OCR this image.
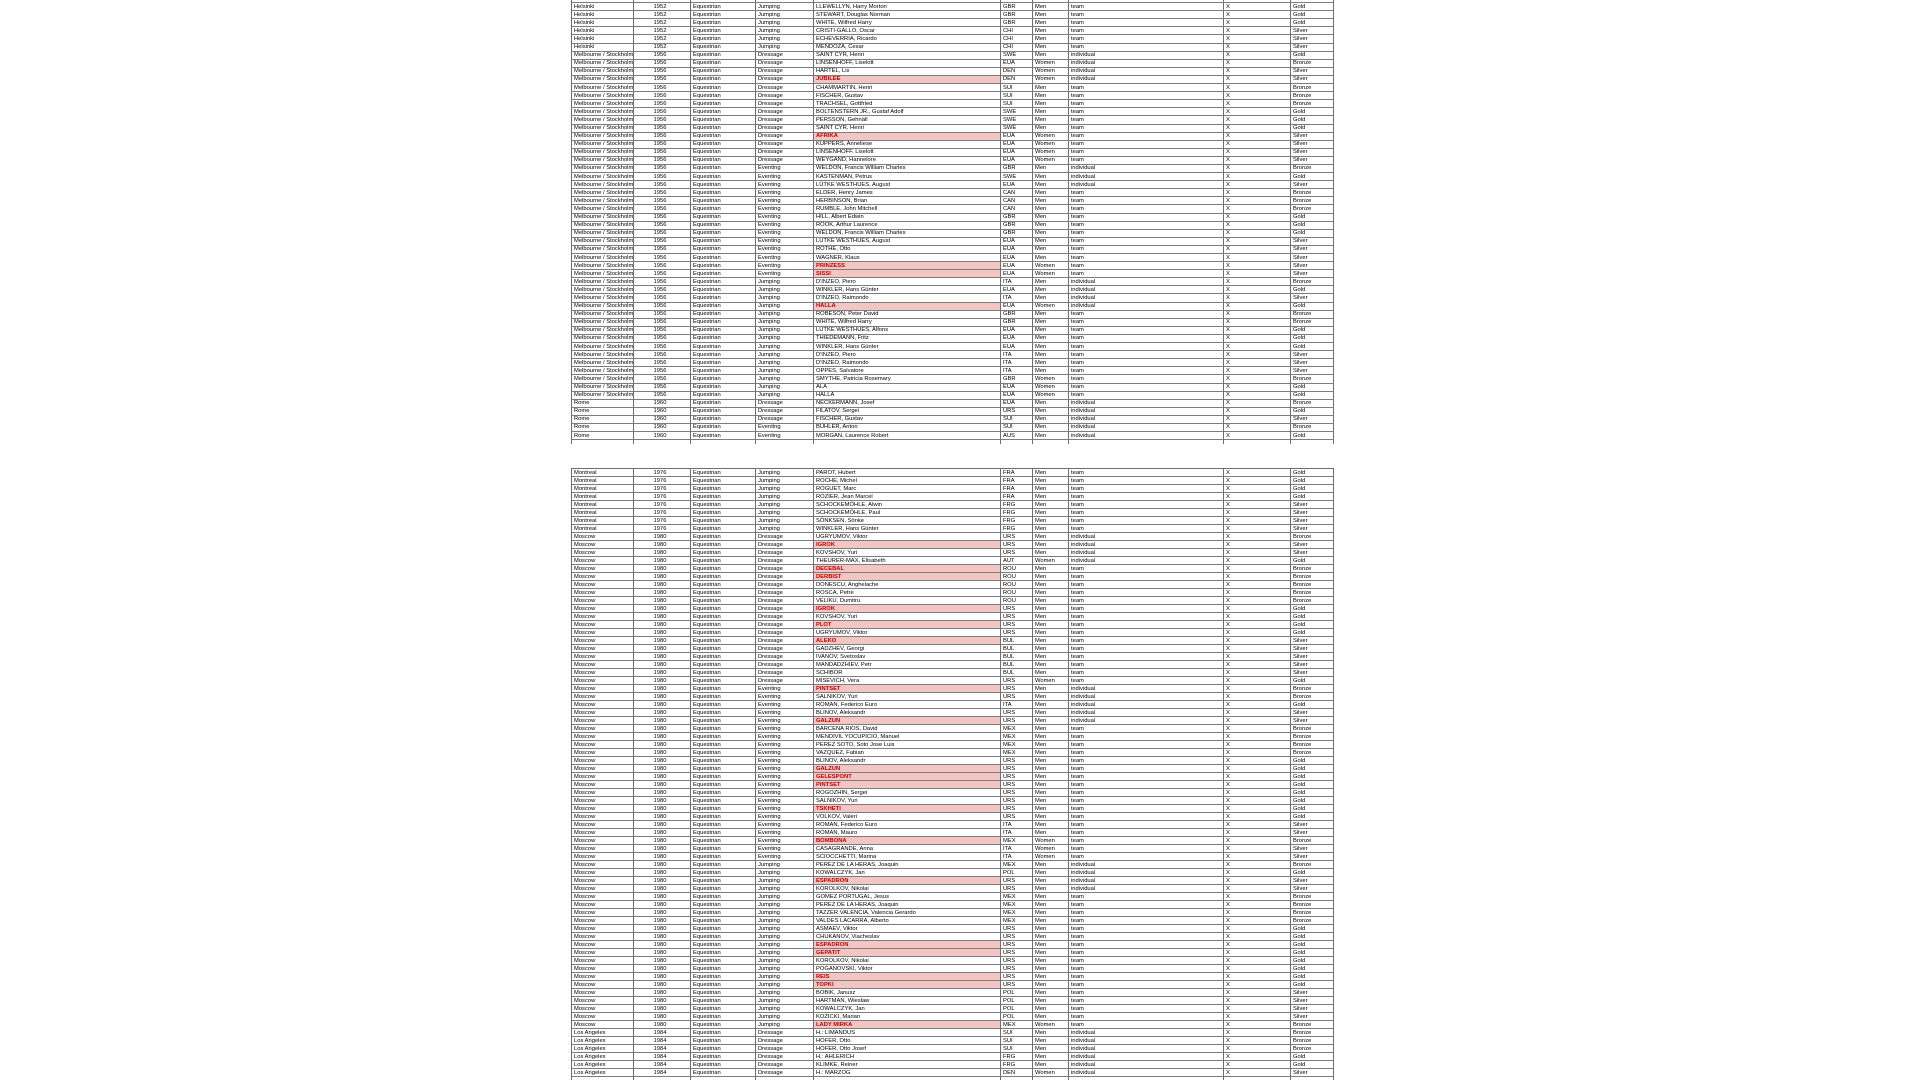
Helsinki	1952	Equestrian	Jumping	LLEWELLYN, Harry Morton	GBR	Men	team	X	Gold
Helsinki	1952	Equestrian	Jumping	STEWART, Douglas Norman	GBR	Men	team	X	Gold
Helsinki	1952	Equestrian	Jumping	WHITE, Wilfred Harry	GBR	Men	team	X	Gold
Helsinki	1952	Equestrian	Jumping	CRISTI-GALLO, Oscar	CHI	Men	team	X	Silver
Helsinki	1952	Equestrian	Jumping	ECHEVERRIA, Ricardo	CHI	Men	team	X	Silver
Helsinki	1952	Equestrian	Jumping	MENDOZA, Cesar	CHI	Men	team	X	Silver
Melbourne / Stockholm	1956	Equestrian	Dressage	SAINT CYR, Henri	SWE	Men	individual	X	Gold
Melbourne / Stockholm	1956	Equestrian	Dressage	LINSENHOFF, Liselott	EUA	Women	individual	X	Bronze
Melbourne / Stockholm	1956	Equestrian	Dressage	HARTEL, Lis	DEN	Women	individual	X	Silver
Melbourne / Stockholm	1956	Equestrian	Dressage	JUBILEE	DEN	Women	individual	X	Silver
Melbourne / Stockholm	1956	Equestrian	Dressage	CHAMMARTIN, Henri	SUI	Men	team	X	Bronze
Melbourne / Stockholm	1956	Equestrian	Dressage	FISCHER, Gustav	SUI	Men	team	X	Bronze
Melbourne / Stockholm	1956	Equestrian	Dressage	TRACHSEL, Gottfried	SUI	Men	team	X	Bronze
Melbourne / Stockholm	1956	Equestrian	Dressage	BOLTENSTERN JR., Gustaf Adolf	SWE	Men	team	X	Gold
Melbourne / Stockholm	1956	Equestrian	Dressage	PERSSON, Gehnäll	SWE	Men	team	X	Gold
Melbourne / Stockholm	1956	Equestrian	Dressage	SAINT CYR, Henri	SWE	Men	team	X	Gold
Melbourne / Stockholm	1956	Equestrian	Dressage	AFRIKA	EUA	Women	team	X	Silver
Melbourne / Stockholm	1956	Equestrian	Dressage	KÜPPERS, Anneliese	EUA	Women	team	X	Silver
Melbourne / Stockholm	1956	Equestrian	Dressage	LINSENHOFF, Liselott	EUA	Women	team	X	Silver
Melbourne / Stockholm	1956	Equestrian	Dressage	WEYGAND, Hannelore	EUA	Women	team	X	Silver
Melbourne / Stockholm	1956	Equestrian	Eventing	WELDON, Francis William Charles	GBR	Men	individual	X	Bronze
Melbourne / Stockholm	1956	Equestrian	Eventing	KASTENMAN, Petrus	SWE	Men	individual	X	Gold
Melbourne / Stockholm	1956	Equestrian	Eventing	LÜTKE WESTHUES, August	EUA	Men	individual	X	Silver
Melbourne / Stockholm	1956	Equestrian	Eventing	ELDER, Henry James	CAN	Men	team	X	Bronze
Melbourne / Stockholm	1956	Equestrian	Eventing	HERBINSON, Brian	CAN	Men	team	X	Bronze
Melbourne / Stockholm	1956	Equestrian	Eventing	RUMBLE, John Mitchell	CAN	Men	team	X	Bronze
Melbourne / Stockholm	1956	Equestrian	Eventing	HILL, Albert Edwin	GBR	Men	team	X	Gold
Melbourne / Stockholm	1956	Equestrian	Eventing	ROOK, Arthur Laurence	GBR	Men	team	X	Gold
Melbourne / Stockholm	1956	Equestrian	Eventing	WELDON, Francis William Charles	GBR	Men	team	X	Gold
Melbourne / Stockholm	1956	Equestrian	Eventing	LÜTKE WESTHUES, August	EUA	Men	team	X	Silver
Melbourne / Stockholm	1956	Equestrian	Eventing	ROTHE, Otto	EUA	Men	team	X	Silver
Melbourne / Stockholm	1956	Equestrian	Eventing	WAGNER, Klaus	EUA	Men	team	X	Silver
Melbourne / Stockholm	1956	Equestrian	Eventing	PRINZESS	EUA	Women	team	X	Silver
Melbourne / Stockholm	1956	Equestrian	Eventing	SISSI	EUA	Women	team	X	Silver
Melbourne / Stockholm	1956	Equestrian	Jumping	D'INZEO, Piero	ITA	Men	individual	X	Bronze
Melbourne / Stockholm	1956	Equestrian	Jumping	WINKLER, Hans Günter	EUA	Men	individual	X	Gold
Melbourne / Stockholm	1956	Equestrian	Jumping	D'INZEO, Raimondo	ITA	Men	individual	X	Silver
Melbourne / Stockholm	1956	Equestrian	Jumping	HALLA	EUA	Women	individual	X	Gold
Melbourne / Stockholm	1956	Equestrian	Jumping	ROBESON, Peter David	GBR	Men	team	X	Bronze
Melbourne / Stockholm	1956	Equestrian	Jumping	WHITE, Wilfred Harry	GBR	Men	team	X	Bronze
Melbourne / Stockholm	1956	Equestrian	Jumping	LÜTKE WESTHUES, Alfons	EUA	Men	team	X	Gold
Melbourne / Stockholm	1956	Equestrian	Jumping	THIEDEMANN, Fritz	EUA	Men	team	X	Gold
Melbourne / Stockholm	1956	Equestrian	Jumping	WINKLER, Hans Günter	EUA	Men	team	X	Gold
Melbourne / Stockholm	1956	Equestrian	Jumping	D'INZEO, Piero	ITA	Men	team	X	Silver
Melbourne / Stockholm	1956	Equestrian	Jumping	D'INZEO, Raimondo	ITA	Men	team	X	Silver
Melbourne / Stockholm	1956	Equestrian	Jumping	OPPES, Salvatore	ITA	Men	team	X	Silver
Melbourne / Stockholm	1956	Equestrian	Jumping	SMYTHE, Patricia Rosemary	GBR	Women	team	X	Bronze
Melbourne / Stockholm	1956	Equestrian	Jumping	ALA	EUA	Women	team	X	Gold
Melbourne / Stockholm	1956	Equestrian	Jumping	HALLA	EUA	Women	team	X	Gold
Rome	1960	Equestrian	Dressage	NECKERMANN, Josef	EUA	Men	individual	X	Bronze
Rome	1960	Equestrian	Dressage	FILATOV, Sergei	URS	Men	individual	X	Gold
Rome	1960	Equestrian	Dressage	FISCHER, Gustav	SUI	Men	individual	X	Silver
Rome	1960	Equestrian	Eventing	BÜHLER, Anton	SUI	Men	individual	X	Bronze
Rome	1960	Equestrian	Eventing	MORGAN, Laurence Robert	AUS	Men	individual	X	Gold
Montreal	1976	Equestrian	Jumping	PAROT, Hubert	FRA	Men	team	X	Gold
Montreal	1976	Equestrian	Jumping	ROCHE, Michel	FRA	Men	team	X	Gold
Montreal	1976	Equestrian	Jumping	ROGUET, Marc	FRA	Men	team	X	Gold
Montreal	1976	Equestrian	Jumping	ROZIER, Jean Marcel	FRA	Men	team	X	Gold
Montreal	1976	Equestrian	Jumping	SCHOCKEMÖHLE, Alwin	FRG	Men	team	X	Silver
Montreal	1976	Equestrian	Jumping	SCHOCKEMÖHLE, Paul	FRG	Men	team	X	Silver
Montreal	1976	Equestrian	Jumping	SÖNKSEN, Sönke	FRG	Men	team	X	Silver
Montreal	1976	Equestrian	Jumping	WINKLER, Hans Günter	FRG	Men	team	X	Silver
Moscow	1980	Equestrian	Dressage	UGRYUMOV, Viktor	URS	Men	individual	X	Bronze
Moscow	1980	Equestrian	Dressage	IGROK	URS	Men	individual	X	Silver
Moscow	1980	Equestrian	Dressage	KOVSHOV, Yuri	URS	Men	individual	X	Silver
Moscow	1980	Equestrian	Dressage	THEURER-MAX, Elisabeth	AUT	Women	individual	X	Gold
Moscow	1980	Equestrian	Dressage	DECEBAL	ROU	Men	team	X	Bronze
Moscow	1980	Equestrian	Dressage	DERBIST	ROU	Men	team	X	Bronze
Moscow	1980	Equestrian	Dressage	DONESCU, Anghelache	ROU	Men	team	X	Bronze
Moscow	1980	Equestrian	Dressage	ROSCA, Petre	ROU	Men	team	X	Bronze
Moscow	1980	Equestrian	Dressage	VELIKU, Dumitru	ROU	Men	team	X	Bronze
Moscow	1980	Equestrian	Dressage	IGROK	URS	Men	team	X	Gold
Moscow	1980	Equestrian	Dressage	KOVSHOV, Yuri	URS	Men	team	X	Gold
Moscow	1980	Equestrian	Dressage	PLOT	URS	Men	team	X	Gold
Moscow	1980	Equestrian	Dressage	UGRYUMOV, Viktor	URS	Men	team	X	Gold
Moscow	1980	Equestrian	Dressage	ALEKO	BUL	Men	team	X	Silver
Moscow	1980	Equestrian	Dressage	GADZHEV, Georgi	BUL	Men	team	X	Silver
Moscow	1980	Equestrian	Dressage	IVANOV, Svetoslav	BUL	Men	team	X	Silver
Moscow	1980	Equestrian	Dressage	MANDADZHIEV, Petr	BUL	Men	team	X	Silver
Moscow	1980	Equestrian	Dressage	SCHIBOR	BUL	Men	team	X	Silver
Moscow	1980	Equestrian	Dressage	MISEVICH, Vera	URS	Women	team	X	Gold
Moscow	1980	Equestrian	Eventing	PINTSET	URS	Men	individual	X	Bronze
Moscow	1980	Equestrian	Eventing	SALNIKOV, Yuri	URS	Men	individual	X	Bronze
Moscow	1980	Equestrian	Eventing	ROMAN, Federico Euro	ITA	Men	individual	X	Gold
Moscow	1980	Equestrian	Eventing	BLINOV, Aleksandr	URS	Men	individual	X	Silver
Moscow	1980	Equestrian	Eventing	GALZUN	URS	Men	individual	X	Silver
Moscow	1980	Equestrian	Eventing	BARCENA RIOS, David	MEX	Men	team	X	Bronze
Moscow	1980	Equestrian	Eventing	MENDIVIL YOCUPICIO, Manuel	MEX	Men	team	X	Bronze
Moscow	1980	Equestrian	Eventing	PEREZ SOTO, Soto Jose Luis	MEX	Men	team	X	Bronze
Moscow	1980	Equestrian	Eventing	VAZQUEZ, Fabian	MEX	Men	team	X	Bronze
Moscow	1980	Equestrian	Eventing	BLINOV, Aleksandr	URS	Men	team	X	Gold
Moscow	1980	Equestrian	Eventing	GALZUN	URS	Men	team	X	Gold
Moscow	1980	Equestrian	Eventing	GELESPONT	URS	Men	team	X	Gold
Moscow	1980	Equestrian	Eventing	PINTSET	URS	Men	team	X	Gold
Moscow	1980	Equestrian	Eventing	ROGOZHIN, Sergei	URS	Men	team	X	Gold
Moscow	1980	Equestrian	Eventing	SALNIKOV, Yuri	URS	Men	team	X	Gold
Moscow	1980	Equestrian	Eventing	TSKHETI	URS	Men	team	X	Gold
Moscow	1980	Equestrian	Eventing	VOLKOV, Valeri	URS	Men	team	X	Gold
Moscow	1980	Equestrian	Eventing	ROMAN, Federico Euro	ITA	Men	team	X	Silver
Moscow	1980	Equestrian	Eventing	ROMAN, Mauro	ITA	Men	team	X	Silver
Moscow	1980	Equestrian	Eventing	BOMBONA	MEX	Women	team	X	Bronze
Moscow	1980	Equestrian	Eventing	CASAGRANDE, Anna	ITA	Women	team	X	Silver
Moscow	1980	Equestrian	Eventing	SCIOCCHETTI, Marina	ITA	Women	team	X	Silver
Moscow	1980	Equestrian	Jumping	PEREZ DE LA HERAS, Joaquin	MEX	Men	individual	X	Bronze
Moscow	1980	Equestrian	Jumping	KOWALCZYK, Jan	POL	Men	individual	X	Gold
Moscow	1980	Equestrian	Jumping	ESPADRON	URS	Men	individual	X	Silver
Moscow	1980	Equestrian	Jumping	KOROLKOV, Nikolai	URS	Men	individual	X	Silver
Moscow	1980	Equestrian	Jumping	GOMEZ PORTUGAL, Jesus	MEX	Men	team	X	Bronze
Moscow	1980	Equestrian	Jumping	PEREZ DE LA HERAS, Joaquin	MEX	Men	team	X	Bronze
Moscow	1980	Equestrian	Jumping	TAZZER VALENCIA, Valencia Gerardo	MEX	Men	team	X	Bronze
Moscow	1980	Equestrian	Jumping	VALDES LACARRA, Alberto	MEX	Men	team	X	Bronze
Moscow	1980	Equestrian	Jumping	ASMAEV, Viktor	URS	Men	team	X	Gold
Moscow	1980	Equestrian	Jumping	CHUKANOV, Viacheslav	URS	Men	team	X	Gold
Moscow	1980	Equestrian	Jumping	ESPADRON	URS	Men	team	X	Gold
Moscow	1980	Equestrian	Jumping	GEPATIT	URS	Men	team	X	Gold
Moscow	1980	Equestrian	Jumping	KOROLKOV, Nikolai	URS	Men	team	X	Gold
Moscow	1980	Equestrian	Jumping	POGANOVSKI, Viktor	URS	Men	team	X	Gold
Moscow	1980	Equestrian	Jumping	REIS	URS	Men	team	X	Gold
Moscow	1980	Equestrian	Jumping	TOPKI	URS	Men	team	X	Gold
Moscow	1980	Equestrian	Jumping	BOBIK, Janusz	POL	Men	team	X	Silver
Moscow	1980	Equestrian	Jumping	HARTMAN, Wieslaw	POL	Men	team	X	Silver
Moscow	1980	Equestrian	Jumping	KOWALCZYK, Jan	POL	Men	team	X	Silver
Moscow	1980	Equestrian	Jumping	KOZICKI, Marian	POL	Men	team	X	Silver
Moscow	1980	Equestrian	Jumping	LADY MIRKA	MEX	Women	team	X	Bronze
Los Angeles	1984	Equestrian	Dressage	H.: LIMANDUS	SUI	Men	individual	X	Bronze
Los Angeles	1984	Equestrian	Dressage	HOFER, Otto	SUI	Men	individual	X	Bronze
Los Angeles	1984	Equestrian	Dressage	HOFER, Otto Josef	SUI	Men	individual	X	Bronze
Los Angeles	1984	Equestrian	Dressage	H.: AHLERICH	FRG	Men	individual	X	Gold
Los Angeles	1984	Equestrian	Dressage	KLIMKE, Reiner	FRG	Men	individual	X	Gold
Los Angeles	1984	Equestrian	Dressage	H.: MARZOG	DEN	Women	individual	X	Silver
